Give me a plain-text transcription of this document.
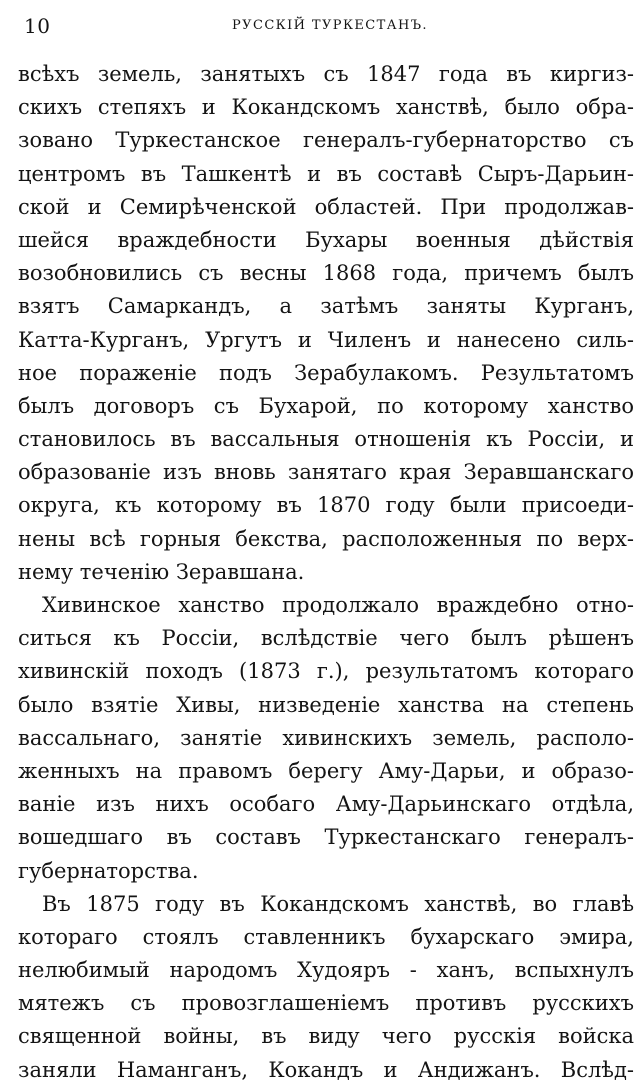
10	РУССКІЙ ТУРКЕСТАНЪ.
всѣхъ земель, занятыхъ съ 1847 года въ киргиз-
скихъ степяхъ и Кокандскомъ ханствѣ, было обра-
зовано Туркестанское генералъ-губернаторство съ
центромъ въ Ташкентѣ и въ составѣ Сыръ-Дарьин-
ской и Семирѣченской областей. При продолжав-
шейся враждебности Бухары военныя дѣйствія
возобновились съ весны 1868 года, причемъ былъ
взятъ Самаркандъ, а затѣмъ заняты Курганъ,
Катта-Курганъ, Ургутъ и Чиленъ и нанесено силь-
ное пораженіе подъ Зерабулакомъ. Результатомъ
былъ договоръ съ Бухарой, по которому ханство
становилось въ вассальныя отношенія къ Россіи, и
образованіе изъ вновь занятаго края Зеравшанскаго
округа, къ которому въ 1870 году были присоеди-
нены всѣ горныя бекства, расположенныя по верх-
нему теченію Зеравшана.
Хивинское ханство продолжало враждебно отно-
ситься къ Россіи, вслѣдствіе чего былъ рѣшенъ
хивинскій походъ (1873 г.), результатомъ котораго
было взятіе Хивы, низведеніе ханства на степень
вассальнаго, занятіе хивинскихъ земель, располо-
женныхъ на правомъ берегу Аму-Дарьи, и образо-
ваніе изъ нихъ особаго Аму-Дарьинскаго отдѣла,
вошедшаго въ составъ Туркестанскаго генералъ-
губернаторства.
Въ 1875 году въ Кокандскомъ ханствѣ, во главѣ
котораго стоялъ ставленникъ бухарскаго эмира,
нелюбимый народомъ Худояръ - ханъ, вспыхнулъ
мятежъ съ провозглашеніемъ противъ русскихъ
священной войны, въ виду чего русскія войска
заняли Наманганъ, Кокандъ и Андижанъ. Вслѣд-
